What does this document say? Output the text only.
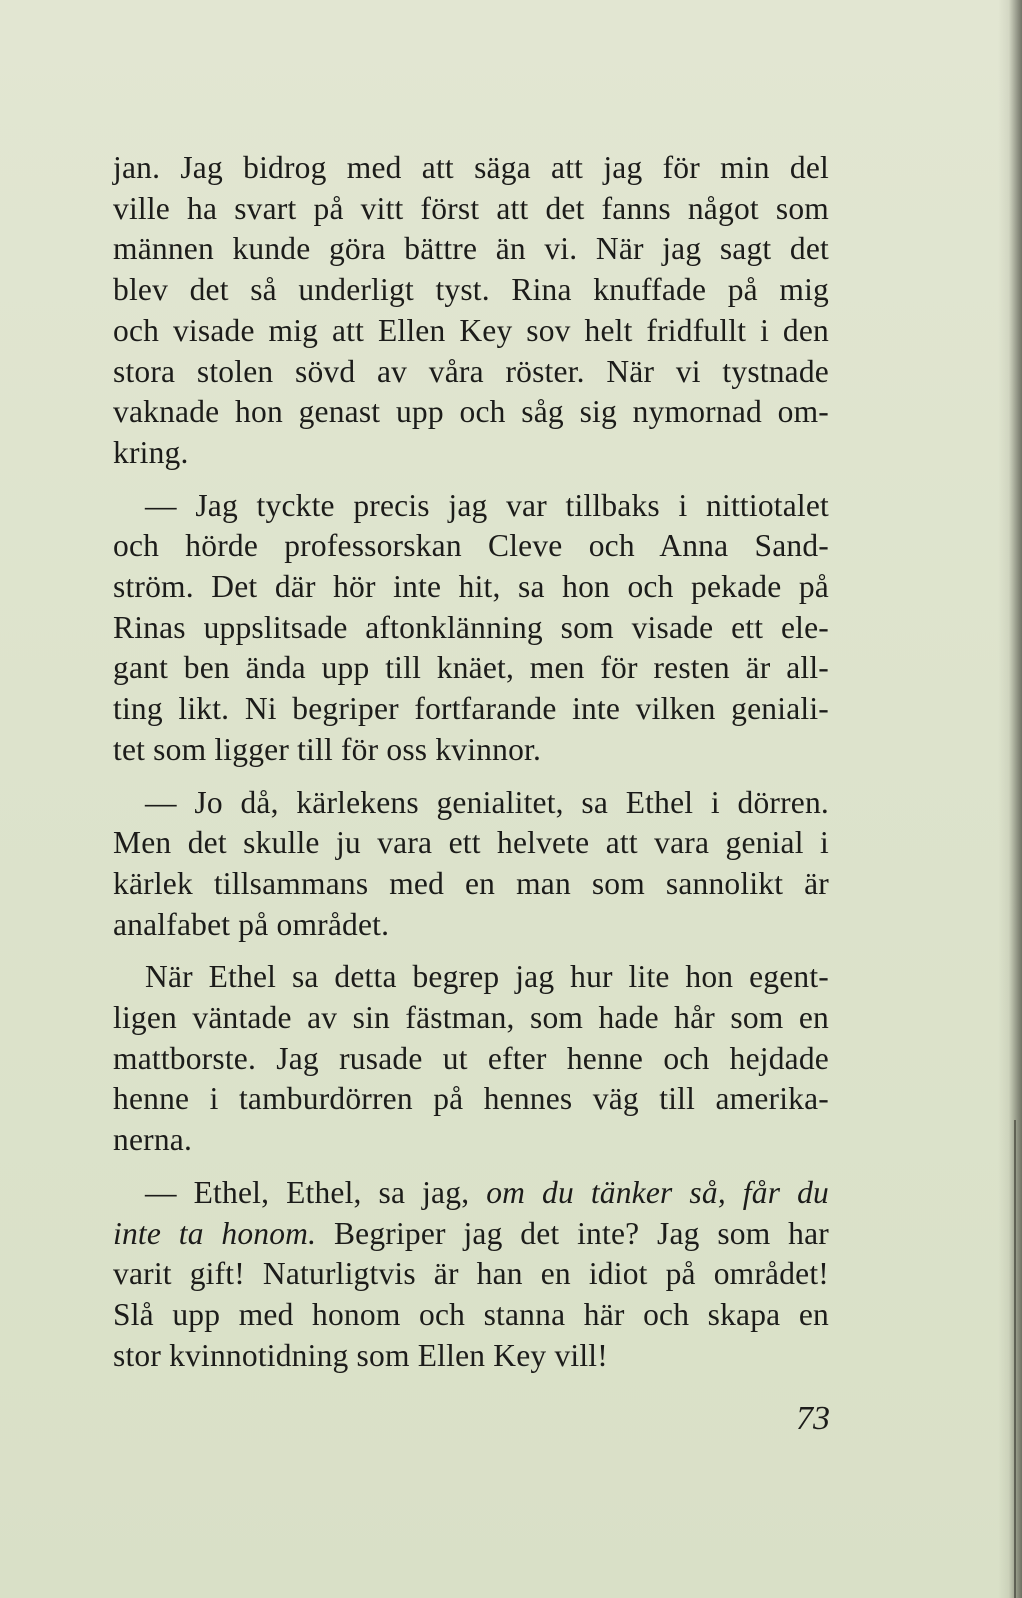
jan. Jag bidrog med att säga att jag för min del
ville ha svart på vitt först att det fanns något som
männen kunde göra bättre än vi. När jag sagt det
blev det så underligt tyst. Rina knuffade på mig
och visade mig att Ellen Key sov helt fridfullt i den
stora stolen sövd av våra röster. När vi tystnade
vaknade hon genast upp och såg sig nymornad om-
kring.

— Jag tyckte precis jag var tillbaks i nittiotalet
och hörde professorskan Cleve och Anna Sand-
ström. Det där hör inte hit, sa hon och pekade på
Rinas uppslitsade aftonklänning som visade ett ele-
gant ben ända upp till knäet, men för resten är all-
ting likt. Ni begriper fortfarande inte vilken geniali-
tet som ligger till för oss kvinnor.

— Jo då, kärlekens genialitet, sa Ethel i dörren.
Men det skulle ju vara ett helvete att vara genial i
kärlek tillsammans med en man som sannolikt är
analfabet på området.

När Ethel sa detta begrep jag hur lite hon egent-
ligen väntade av sin fästman, som hade hår som en
mattborste. Jag rusade ut efter henne och hejdade
henne i tamburdörren på hennes väg till amerika-
nerna.

— Ethel, Ethel, sa jag, om du tänker så, får du
inte ta honom. Begriper jag det inte? Jag som har
varit gift! Naturligtvis är han en idiot på området!
Slå upp med honom och stanna här och skapa en
stor kvinnotidning som Ellen Key vill!

73
